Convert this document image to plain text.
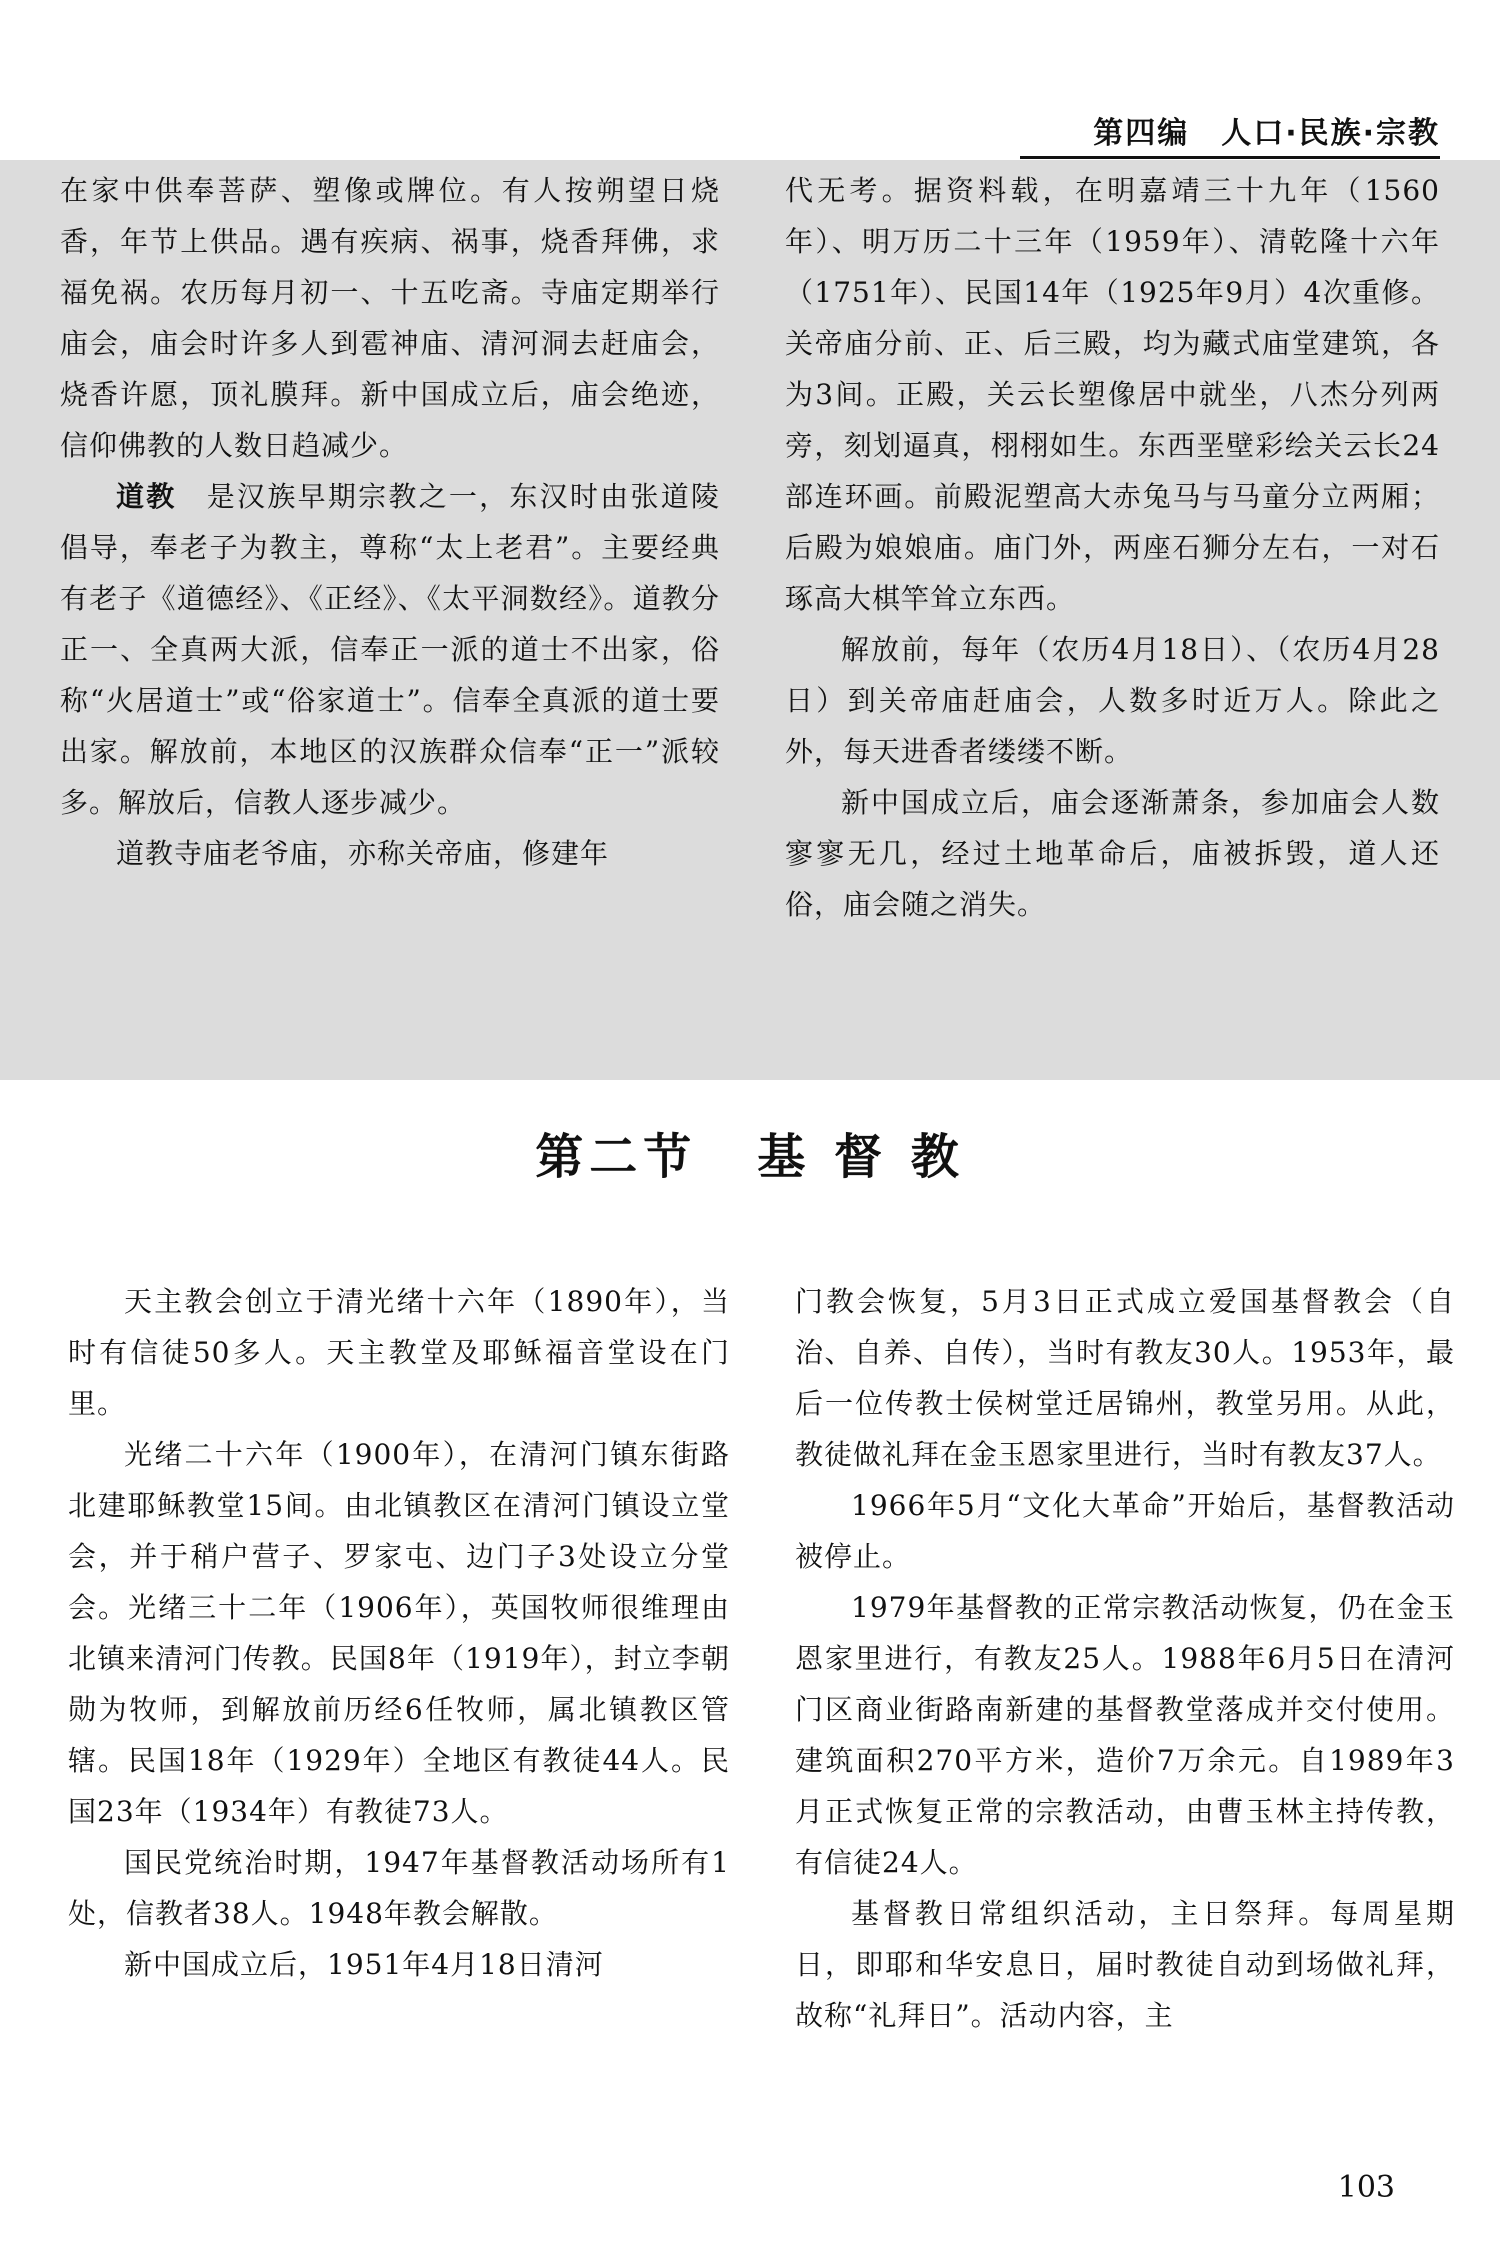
第四编　人口·民族·宗教

在家中供奉菩萨、塑像或牌位。有人按朔望日烧香，年节上供品。遇有疾病、祸事，烧香拜佛，求福免祸。农历每月初一、十五吃斋。寺庙定期举行庙会，庙会时许多人到雹神庙、清河洞去赶庙会，烧香许愿，顶礼膜拜。新中国成立后，庙会绝迹，信仰佛教的人数日趋减少。

道教　 是汉族早期宗教之一，东汉时由张道陵倡导，奉老子为教主，尊称“太上老君”。主要经典有老子《道德经》、《正经》、《太平洞数经》。道教分正一、全真两大派，信奉正一派的道士不出家，俗称“火居道士”或“俗家道士”。信奉全真派的道士要出家。解放前，本地区的汉族群众信奉“正一”派较多。解放后，信教人逐步减少。

道教寺庙老爷庙，亦称关帝庙，修建年

代无考。据资料载，在明嘉靖三十九年（1560年）、明万历二十三年（1959年）、清乾隆十六年（1751年）、民国14年（1925年9月）4次重修。关帝庙分前、正、后三殿，均为藏式庙堂建筑，各为3间。正殿，关云长塑像居中就坐，八杰分列两旁，刻划逼真，栩栩如生。东西垩壁彩绘关云长24部连环画。前殿泥塑高大赤兔马与马童分立两厢；后殿为娘娘庙。庙门外，两座石狮分左右，一对石琢高大棋竿耸立东西。

解放前，每年（农历4月18日）、（农历4月28日）到关帝庙赶庙会，人数多时近万人。除此之外，每天进香者缕缕不断。

新中国成立后，庙会逐渐萧条，参加庙会人数寥寥无几，经过土地革命后，庙被拆毁，道人还俗，庙会随之消失。

第二节 基 督 教

天主教会创立于清光绪十六年（1890年），当时有信徒50多人。天主教堂及耶稣福音堂设在门里。

光绪二十六年（1900年），在清河门镇东街路北建耶稣教堂15间。由北镇教区在清河门镇设立堂会，并于稍户营子、罗家屯、边门子3处设立分堂会。光绪三十二年（1906年），英国牧师很维理由北镇来清河门传教。民国8年（1919年），封立李朝勋为牧师，到解放前历经6任牧师，属北镇教区管辖。民国18年（1929年）全地区有教徒44人。民国23年（1934年）有教徒73人。

国民党统治时期，1947年基督教活动场所有1处，信教者38人。1948年教会解散。

新中国成立后，1951年4月18日清河

门教会恢复，5月3日正式成立爱国基督教会（自治、自养、自传），当时有教友30人。1953年，最后一位传教士侯树堂迁居锦州，教堂另用。从此，教徒做礼拜在金玉恩家里进行，当时有教友37人。

1966年5月“文化大革命”开始后，基督教活动被停止。

1979年基督教的正常宗教活动恢复，仍在金玉恩家里进行，有教友25人。1988年6月5日在清河门区商业街路南新建的基督教堂落成并交付使用。建筑面积270平方米，造价7万余元。自1989年3月正式恢复正常的宗教活动，由曹玉林主持传教，有信徒24人。

基督教日常组织活动，主日祭拜。每周星期日，即耶和华安息日，届时教徒自动到场做礼拜，故称“礼拜日”。活动内容，主

103
